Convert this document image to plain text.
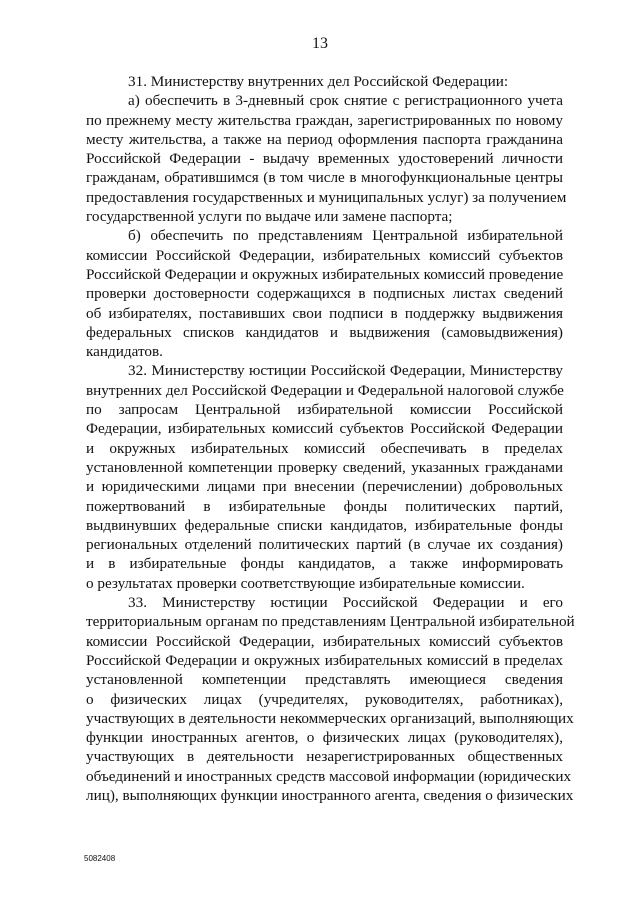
13
31. Министерству внутренних дел Российской Федерации:
а) обеспечить в 3-дневный срок снятие с регистрационного учета
по прежнему месту жительства граждан, зарегистрированных по новому
месту жительства, а также на период оформления паспорта гражданина
Российской Федерации - выдачу временных удостоверений личности
гражданам, обратившимся (в том числе в многофункциональные центры
предоставления государственных и муниципальных услуг) за получением
государственной услуги по выдаче или замене паспорта;
б) обеспечить по представлениям Центральной избирательной
комиссии Российской Федерации, избирательных комиссий субъектов
Российской Федерации и окружных избирательных комиссий проведение
проверки достоверности содержащихся в подписных листах сведений
об избирателях, поставивших свои подписи в поддержку выдвижения
федеральных списков кандидатов и выдвижения (самовыдвижения)
кандидатов.
32. Министерству юстиции Российской Федерации, Министерству
внутренних дел Российской Федерации и Федеральной налоговой службе
по запросам Центральной избирательной комиссии Российской
Федерации, избирательных комиссий субъектов Российской Федерации
и окружных избирательных комиссий обеспечивать в пределах
установленной компетенции проверку сведений, указанных гражданами
и юридическими лицами при внесении (перечислении) добровольных
пожертвований в избирательные фонды политических партий,
выдвинувших федеральные списки кандидатов, избирательные фонды
региональных отделений политических партий (в случае их создания)
и в избирательные фонды кандидатов, а также информировать
о результатах проверки соответствующие избирательные комиссии.
33. Министерству юстиции Российской Федерации и его
территориальным органам по представлениям Центральной избирательной
комиссии Российской Федерации, избирательных комиссий субъектов
Российской Федерации и окружных избирательных комиссий в пределах
установленной компетенции представлять имеющиеся сведения
о физических лицах (учредителях, руководителях, работниках),
участвующих в деятельности некоммерческих организаций, выполняющих
функции иностранных агентов, о физических лицах (руководителях),
участвующих в деятельности незарегистрированных общественных
объединений и иностранных средств массовой информации (юридических
лиц), выполняющих функции иностранного агента, сведения о физических
5082408
